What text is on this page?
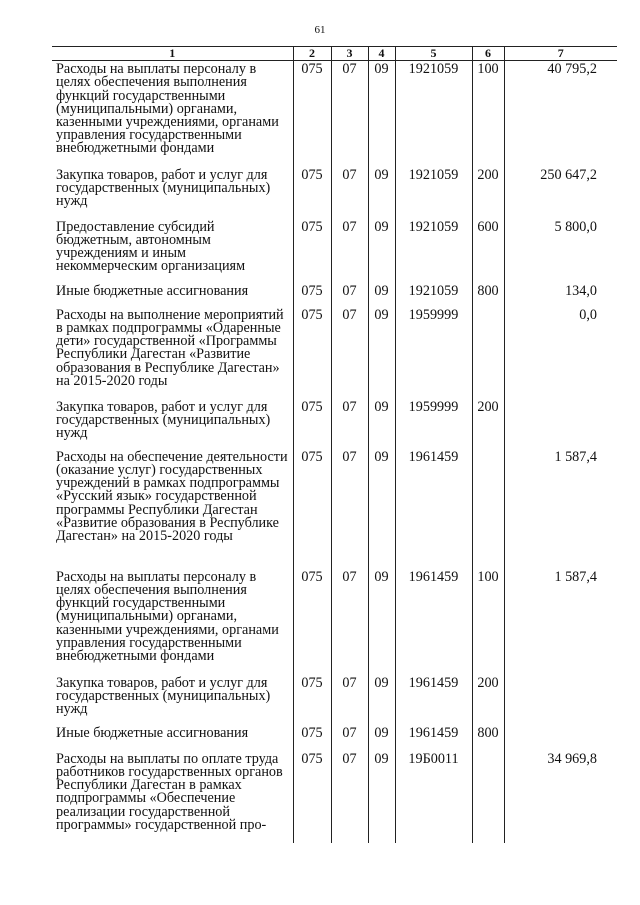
61
1	2	3	4	5	6	7
Расходы на выплаты персоналу в целях обеспечения выполнения функций государственными (муниципальными) органами, казенными учреждениями, органами управления государственными внебюджетными фондами	075	07	09	1921059	100	40 795,2
Закупка товаров, работ и услуг для государственных (муниципальных) нужд	075	07	09	1921059	200	250 647,2
Предоставление субсидий бюджетным, автономным учреждениям и иным некоммерческим организациям	075	07	09	1921059	600	5 800,0
Иные бюджетные ассигнования	075	07	09	1921059	800	134,0
Расходы на выполнение мероприятий в рамках подпрограммы «Одаренные дети» государственной «Программы Республики Дагестан «Развитие образования в Республике Дагестан» на 2015-2020 годы	075	07	09	1959999		0,0
Закупка товаров, работ и услуг для государственных (муниципальных) нужд	075	07	09	1959999	200	
Расходы на обеспечение деятельности (оказание услуг) государственных учреждений в рамках подпрограммы «Русский язык» государственной программы Республики Дагестан «Развитие образования в Республике Дагестан» на 2015-2020 годы	075	07	09	1961459		1 587,4
Расходы на выплаты персоналу в целях обеспечения выполнения функций государственными (муниципальными) органами, казенными учреждениями, органами управления государственными внебюджетными фондами	075	07	09	1961459	100	1 587,4
Закупка товаров, работ и услуг для государственных (муниципальных) нужд	075	07	09	1961459	200	
Иные бюджетные ассигнования	075	07	09	1961459	800	
Расходы на выплаты по оплате труда работников государственных органов Республики Дагестан в рамках подпрограммы «Обеспечение реализации государственной программы» государственной про-	075	07	09	19Б0011		34 969,8
